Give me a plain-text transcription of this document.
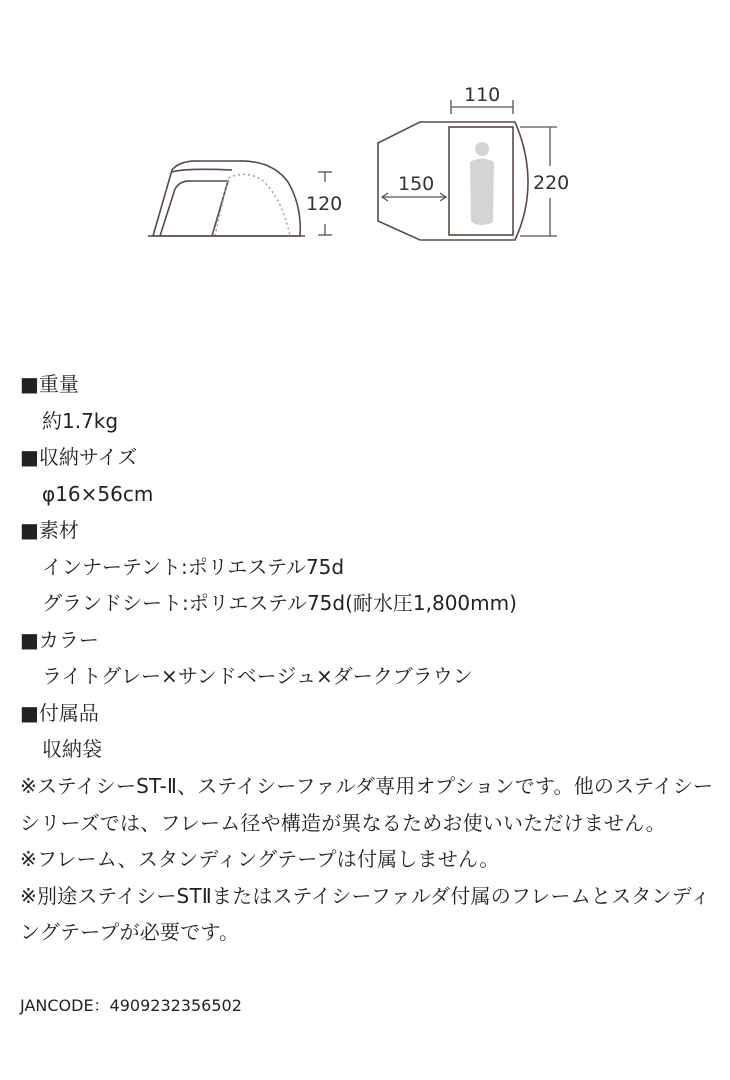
120
110
150	220
■重量
約1.7kg
■収納サイズ
φ16×56cm
■素材
インナーテント:ポリエステル75d
グランドシート:ポリエステル75d(耐水圧1,800mm)
■カラー
ライトグレー×サンドベージュ×ダークブラウン
■付属品
収納袋
※ステイシーST-Ⅱ、ステイシーファルダ専用オプションです。他のステイシーシリーズでは、フレーム径や構造が異なるためお使いいただけません。
※フレーム、スタンディングテープは付属しません。
※別途ステイシーSTⅡまたはステイシーファルダ付属のフレームとスタンディングテープが必要です。
JANCODE：4909232356502
